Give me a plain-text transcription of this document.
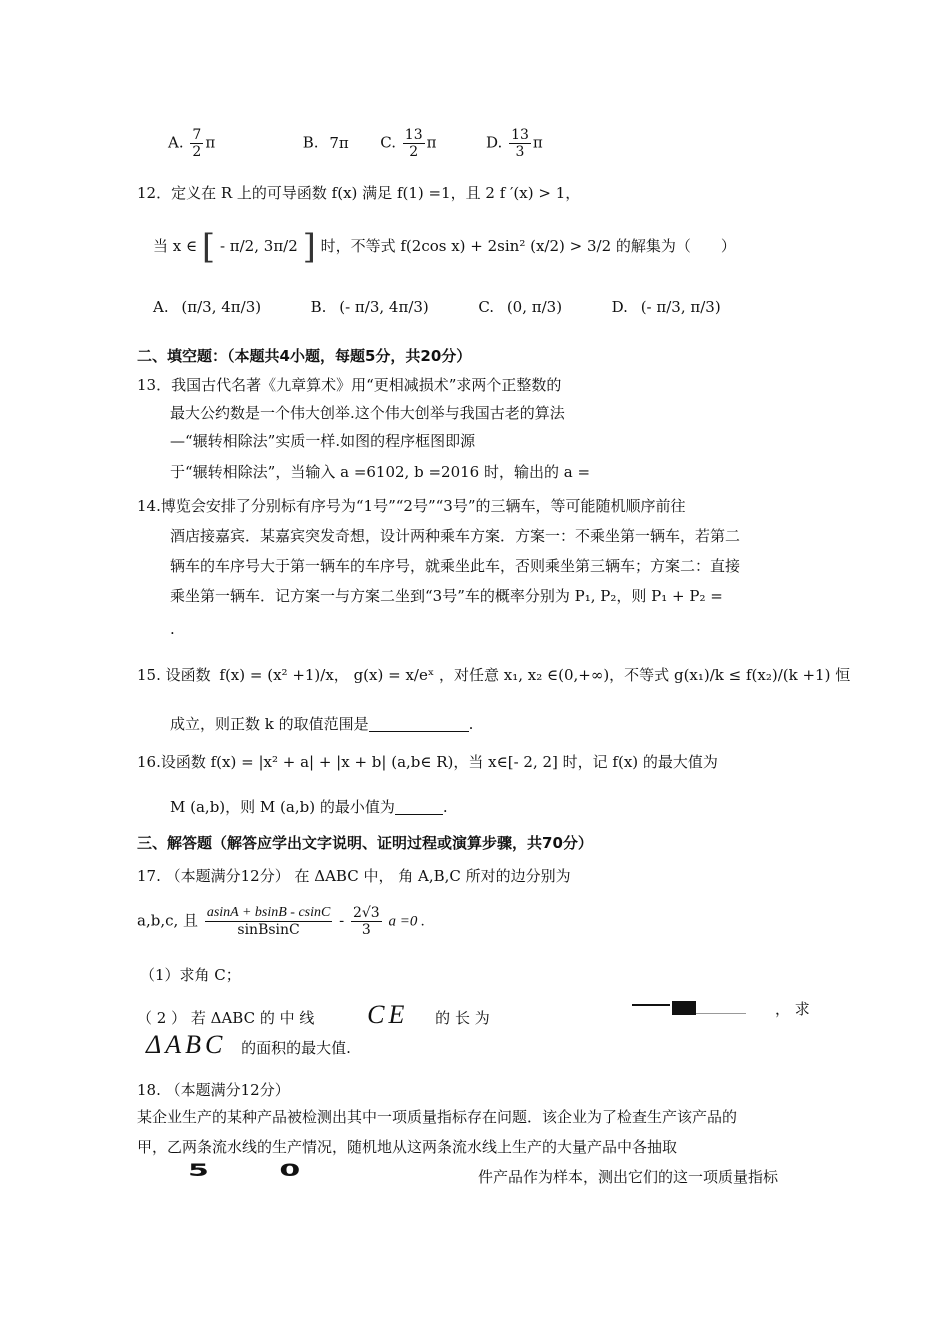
A. $\frac{7}{2}$ π	B. 7π C. $\frac{13}{2}$ π	D. $\frac{13}{3}$ π
12．定义在 R 上的可导函数 f(x) 满足 f(1) =1，且 2 f ′(x) > 1，
当 x ∈ [ - π/2, 3π/2 ] 时，不等式 f(2cos x) + 2sin² (x/2) > 3/2 的解集为（　　）
A. (π/3, 4π/3)	B. (- π/3, 4π/3)	C. (0, π/3)	D. (- π/3, π/3)
二、填空题：（本题共4小题，每题5分，共20分）
13．我国古代名著《九章算术》用“更相减损术”求两个正整数的
最大公约数是一个伟大创举.这个伟大创举与我国古老的算法
—“辗转相除法”实质一样.如图的程序框图即源
于“辗转相除法”，当输入 a =6102, b =2016 时，输出的 a =
14.博览会安排了分别标有序号为“1号”“2号”“3号”的三辆车，等可能随机顺序前往
酒店接嘉宾．某嘉宾突发奇想，设计两种乘车方案．方案一：不乘坐第一辆车，若第二
辆车的车序号大于第一辆车的车序号，就乘坐此车，否则乘坐第三辆车；方案二：直接
乘坐第一辆车．记方案一与方案二坐到“3号”车的概率分别为 P₁, P₂，则 P₁ + P₂ =
.
15. 设函数 f(x) = (x² +1)/x， g(x) = x/eˣ ，对任意 x₁, x₂ ∈(0,+∞)，不等式 g(x₁)/k ≤ f(x₂)/(k +1) 恒
成立，则正数 k 的取值范围是	.
16.设函数 f(x) = |x² + a| + |x + b| (a,b∈ R)，当 x∈[- 2, 2] 时，记 f(x) 的最大值为
M (a,b)，则 M (a,b) 的最小值为	.
三、解答题（解答应学出文字说明、证明过程或演算步骤，共70分）
17. （本题满分12分） 在 ΔABC 中， 角 A,B,C 所对的边分别为
a,b,c, 且 $\frac{asinA + bsinB - csinC}{\text{sinBsinC}} - \frac{2√3}{3}$ a =0 .
（1）求角 C；
（ 2 ） 若 ΔABC 的 中 线 CE 的 长 为	， 求
ΔABC 的面积的最大值.
18. （本题满分12分）
某企业生产的某种产品被检测出其中一项质量指标存在问题．该企业为了检查生产该产品的
甲，乙两条流水线的生产情况，随机地从这两条流水线上生产的大量产品中各抽取
5 0	件产品作为样本，测出它们的这一项质量指标
